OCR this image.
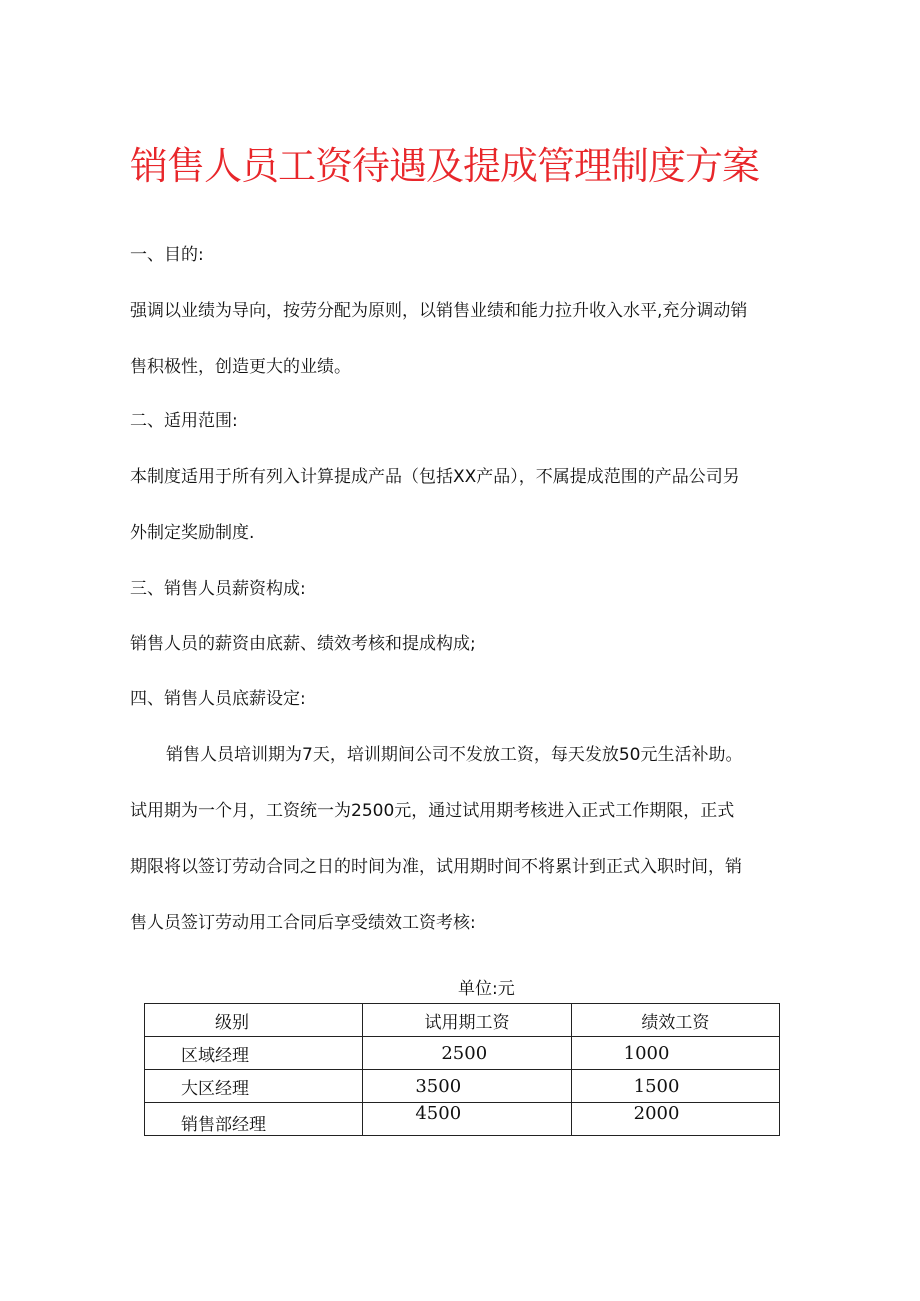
销售人员工资待遇及提成管理制度方案

一、目的:

强调以业绩为导向，按劳分配为原则，以销售业绩和能力拉升收入水平,充分调动销

售积极性，创造更大的业绩。

二、适用范围:

本制度适用于所有列入计算提成产品（包括XX产品），不属提成范围的产品公司另

外制定奖励制度.

三、销售人员薪资构成:

销售人员的薪资由底薪、绩效考核和提成构成;

四、销售人员底薪设定:

销售人员培训期为7天，培训期间公司不发放工资，每天发放50元生活补助。

试用期为一个月，工资统一为2500元，通过试用期考核进入正式工作期限，正式

期限将以签订劳动合同之日的时间为准，试用期时间不将累计到正式入职时间，销

售人员签订劳动用工合同后享受绩效工资考核:

单位:元
级别	试用期工资	绩效工资
区域经理	2500	1000
大区经理	3500	1500
销售部经理	4500	2000
